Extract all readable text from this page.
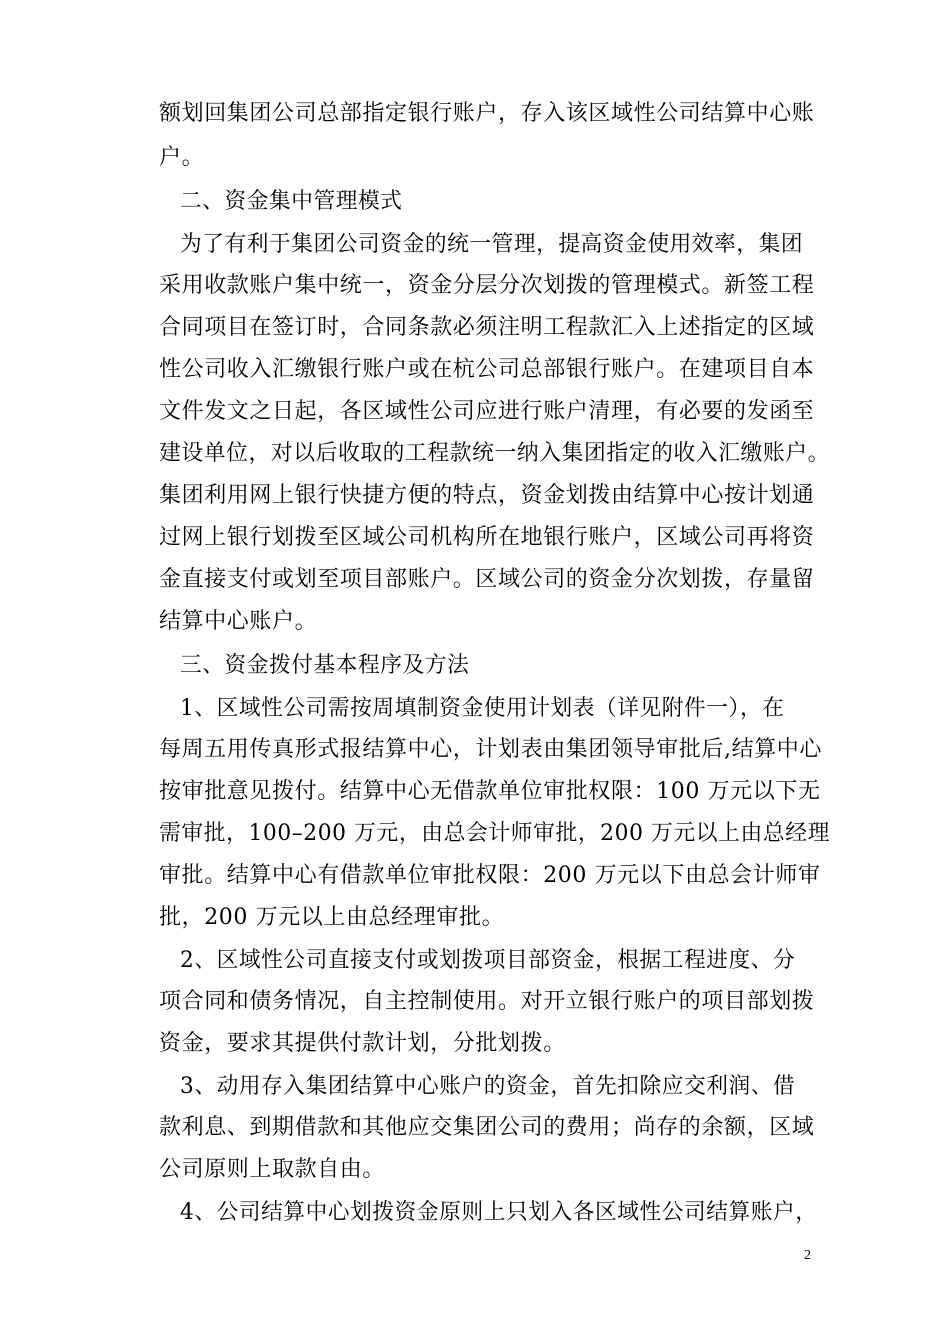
额划回集团公司总部指定银行账户，存入该区域性公司结算中心账
户。
二、资金集中管理模式
为了有利于集团公司资金的统一管理，提高资金使用效率，集团
采用收款账户集中统一，资金分层分次划拨的管理模式。新签工程
合同项目在签订时，合同条款必须注明工程款汇入上述指定的区域
性公司收入汇缴银行账户或在杭公司总部银行账户。在建项目自本
文件发文之日起，各区域性公司应进行账户清理，有必要的发函至
建设单位，对以后收取的工程款统一纳入集团指定的收入汇缴账户。
集团利用网上银行快捷方便的特点，资金划拨由结算中心按计划通
过网上银行划拨至区域公司机构所在地银行账户，区域公司再将资
金直接支付或划至项目部账户。区域公司的资金分次划拨，存量留
结算中心账户。
三、资金拨付基本程序及方法
1、区域性公司需按周填制资金使用计划表（详见附件一），在
每周五用传真形式报结算中心，计划表由集团领导审批后,结算中心
按审批意见拨付。结算中心无借款单位审批权限：100 万元以下无
需审批，100–200 万元，由总会计师审批，200 万元以上由总经理
审批。结算中心有借款单位审批权限：200 万元以下由总会计师审
批，200 万元以上由总经理审批。
2、区域性公司直接支付或划拨项目部资金，根据工程进度、分
项合同和债务情况，自主控制使用。对开立银行账户的项目部划拨
资金，要求其提供付款计划，分批划拨。
3、动用存入集团结算中心账户的资金，首先扣除应交利润、借
款利息、到期借款和其他应交集团公司的费用；尚存的余额，区域
公司原则上取款自由。
4、公司结算中心划拨资金原则上只划入各区域性公司结算账户，
2
